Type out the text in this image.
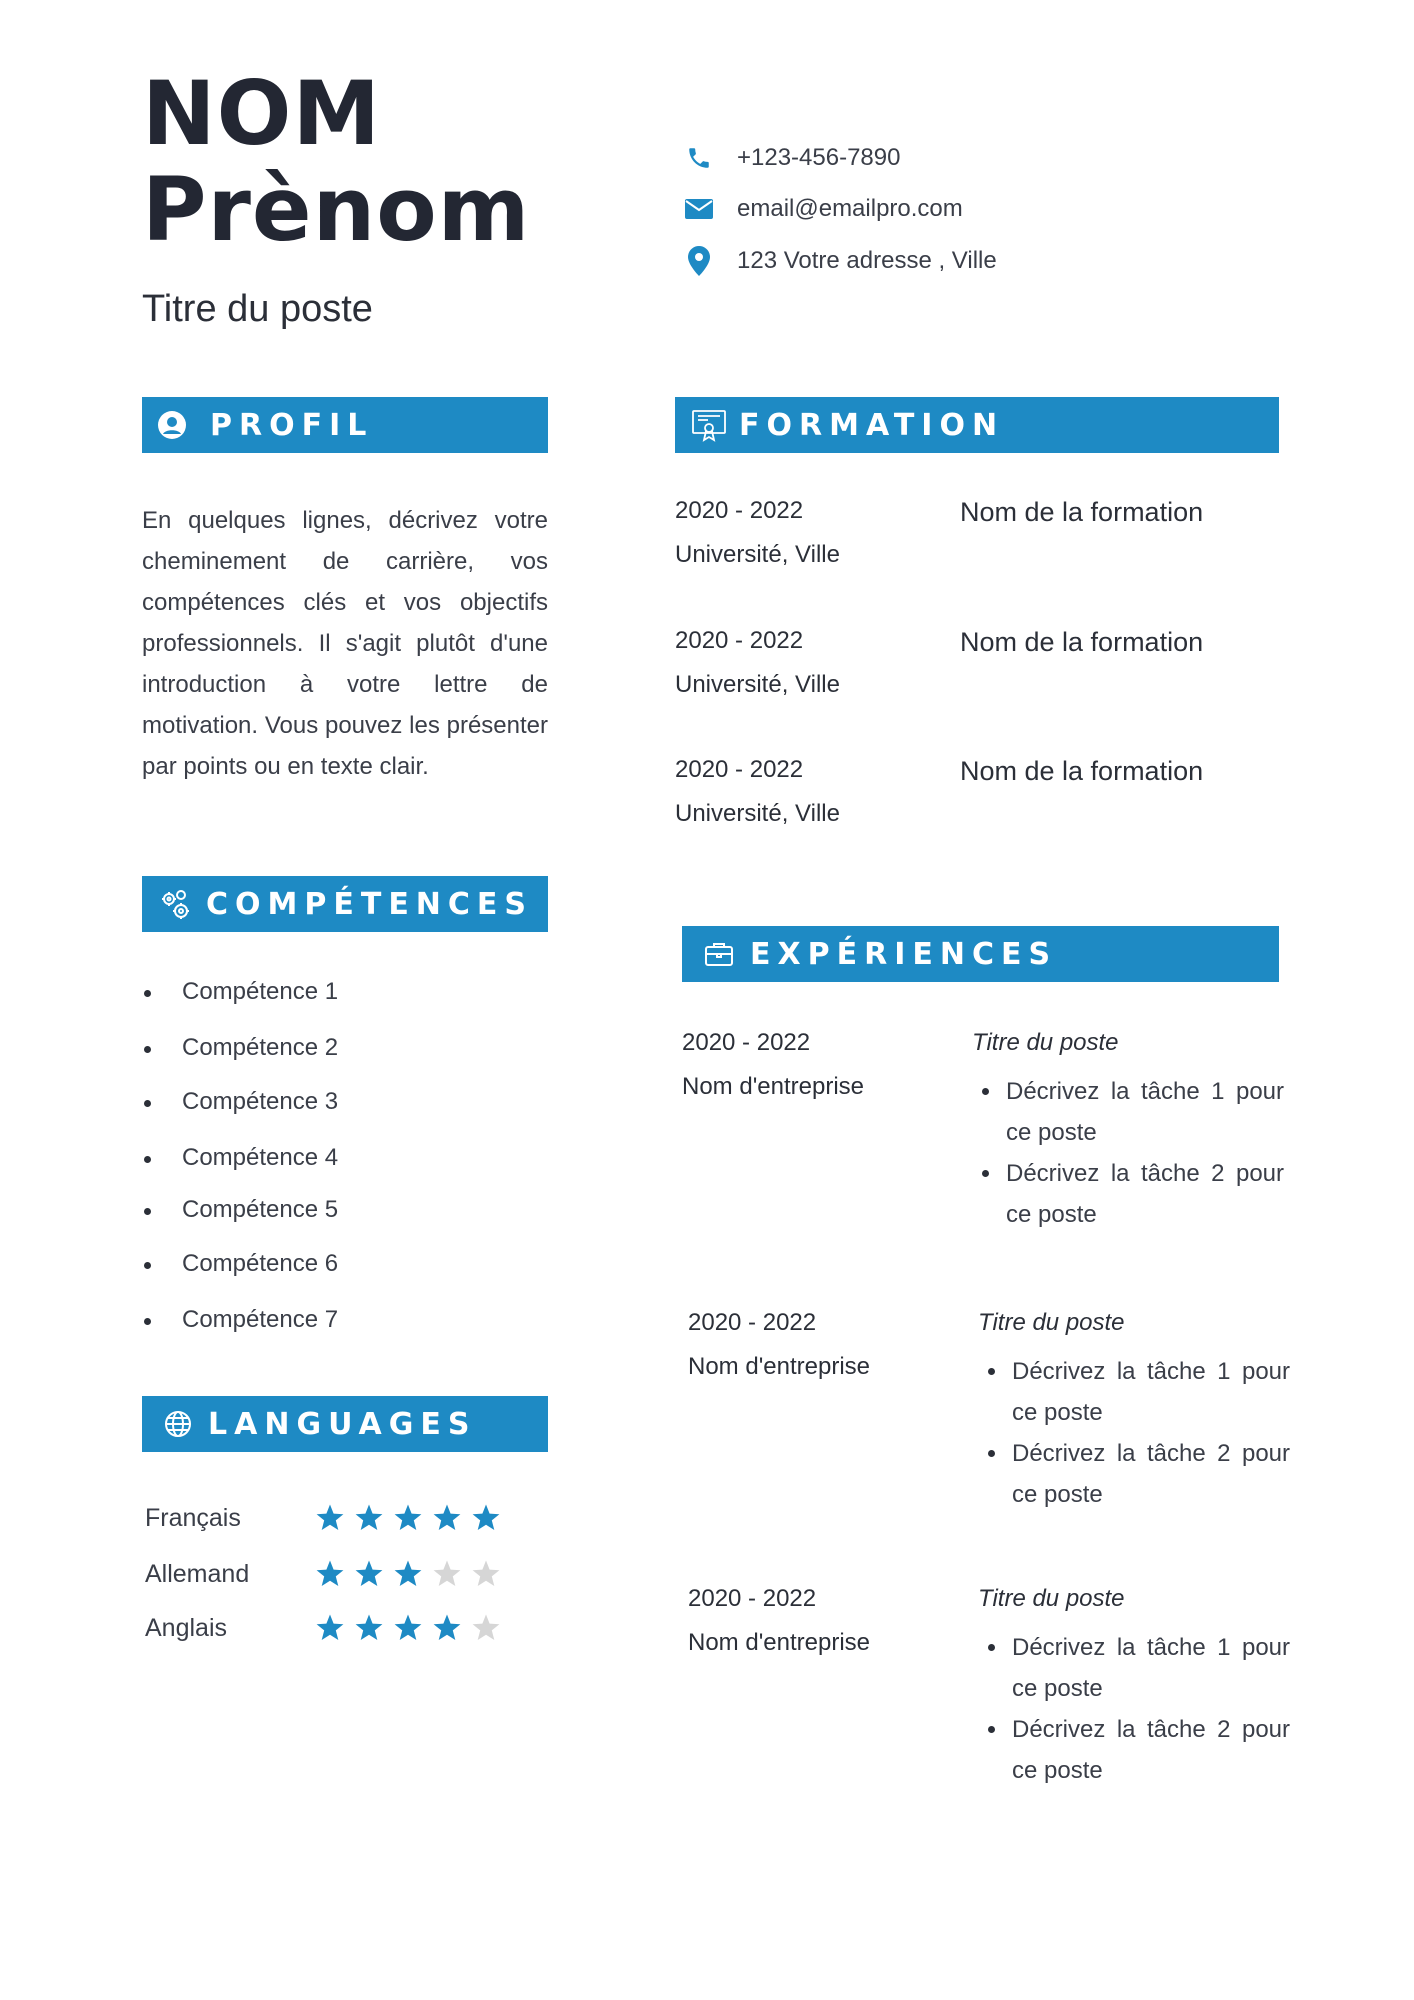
NOM
Prènom
Titre du poste
+123-456-7890
email@emailpro.com
123 Votre adresse , Ville
PROFIL
En quelques lignes, décrivez votre cheminement de carrière, vos compétences clés et vos objectifs professionnels. Il s'agit plutôt d'une introduction à votre lettre de motivation. Vous pouvez les présenter par points ou en texte clair.
COMPÉTENCES
Compétence 1
Compétence 2
Compétence 3
Compétence 4
Compétence 5
Compétence 6
Compétence 7
LANGUAGES
Français
Allemand
Anglais
FORMATION
2020 - 2022
Université, Ville
Nom de la formation
2020 - 2022
Université, Ville
Nom de la formation
2020 - 2022
Université, Ville
Nom de la formation
EXPÉRIENCES
2020 - 2022
Nom d'entreprise
Titre du poste
Décrivez la tâche 1 pour ce poste
Décrivez la tâche 2 pour ce poste
2020 - 2022
Nom d'entreprise
Titre du poste
Décrivez la tâche 1 pour ce poste
Décrivez la tâche 2 pour ce poste
2020 - 2022
Nom d'entreprise
Titre du poste
Décrivez la tâche 1 pour ce poste
Décrivez la tâche 2 pour ce poste
